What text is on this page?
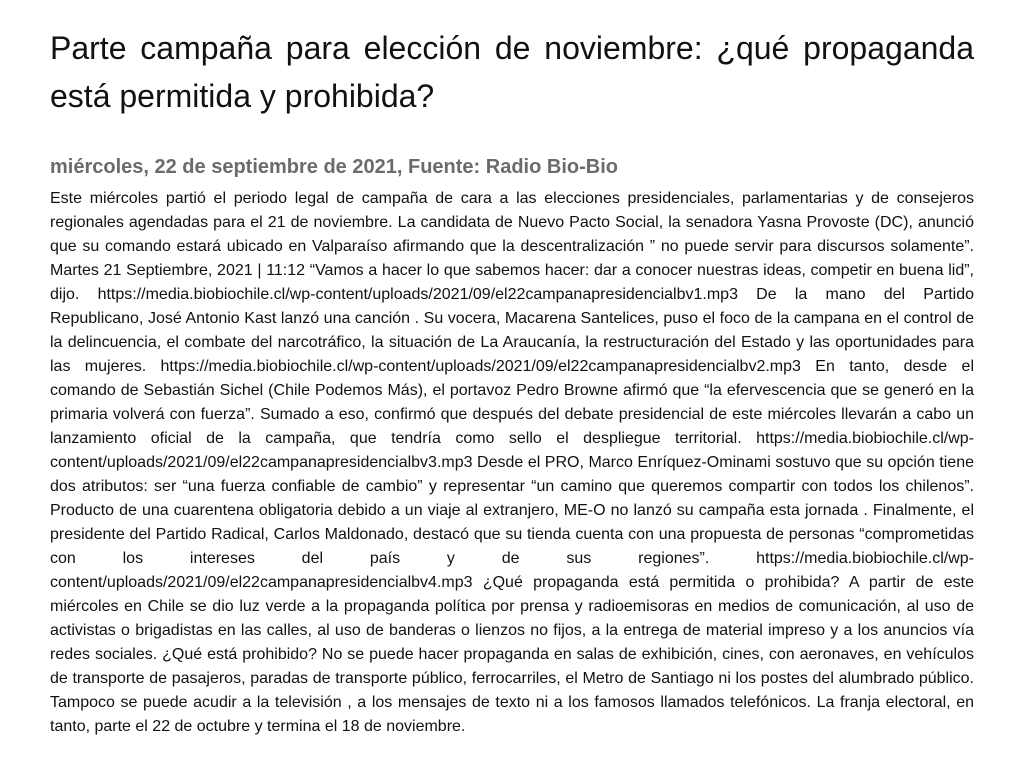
Parte campaña para elección de noviembre: ¿qué propaganda está permitida y prohibida?

miércoles, 22 de septiembre de 2021, Fuente: Radio Bio-Bio

Este miércoles partió el periodo legal de campaña de cara a las elecciones presidenciales, parlamentarias y de consejeros regionales agendadas para el 21 de noviembre. La candidata de Nuevo Pacto Social, la senadora Yasna Provoste (DC), anunció que su comando estará ubicado en Valparaíso afirmando que la descentralización ” no puede servir para discursos solamente”. Martes 21 Septiembre, 2021 | 11:12 “Vamos a hacer lo que sabemos hacer: dar a conocer nuestras ideas, competir en buena lid”, dijo. https://media.biobiochile.cl/wp-content/uploads/2021/09/el22campanapresidencialbv1.mp3 De la mano del Partido Republicano, José Antonio Kast lanzó una canción . Su vocera, Macarena Santelices, puso el foco de la campana en el control de la delincuencia, el combate del narcotráfico, la situación de La Araucanía, la restructuración del Estado y las oportunidades para las mujeres. https://media.biobiochile.cl/wp-content/uploads/2021/09/el22campanapresidencialbv2.mp3 En tanto, desde el comando de Sebastián Sichel (Chile Podemos Más), el portavoz Pedro Browne afirmó que “la efervescencia que se generó en la primaria volverá con fuerza”. Sumado a eso, confirmó que después del debate presidencial de este miércoles llevarán a cabo un lanzamiento oficial de la campaña, que tendría como sello el despliegue territorial. https://media.biobiochile.cl/wp-content/uploads/2021/09/el22campanapresidencialbv3.mp3 Desde el PRO, Marco Enríquez-Ominami sostuvo que su opción tiene dos atributos: ser “una fuerza confiable de cambio” y representar “un camino que queremos compartir con todos los chilenos”. Producto de una cuarentena obligatoria debido a un viaje al extranjero, ME-O no lanzó su campaña esta jornada . Finalmente, el presidente del Partido Radical, Carlos Maldonado, destacó que su tienda cuenta con una propuesta de personas “comprometidas con los intereses del país y de sus regiones”. https://media.biobiochile.cl/wp-content/uploads/2021/09/el22campanapresidencialbv4.mp3 ¿Qué propaganda está permitida o prohibida? A partir de este miércoles en Chile se dio luz verde a la propaganda política por prensa y radioemisoras en medios de comunicación, al uso de activistas o brigadistas en las calles, al uso de banderas o lienzos no fijos, a la entrega de material impreso y a los anuncios vía redes sociales. ¿Qué está prohibido? No se puede hacer propaganda en salas de exhibición, cines, con aeronaves, en vehículos de transporte de pasajeros, paradas de transporte público, ferrocarriles, el Metro de Santiago ni los postes del alumbrado público. Tampoco se puede acudir a la televisión , a los mensajes de texto ni a los famosos llamados telefónicos. La franja electoral, en tanto, parte el 22 de octubre y termina el 18 de noviembre.
